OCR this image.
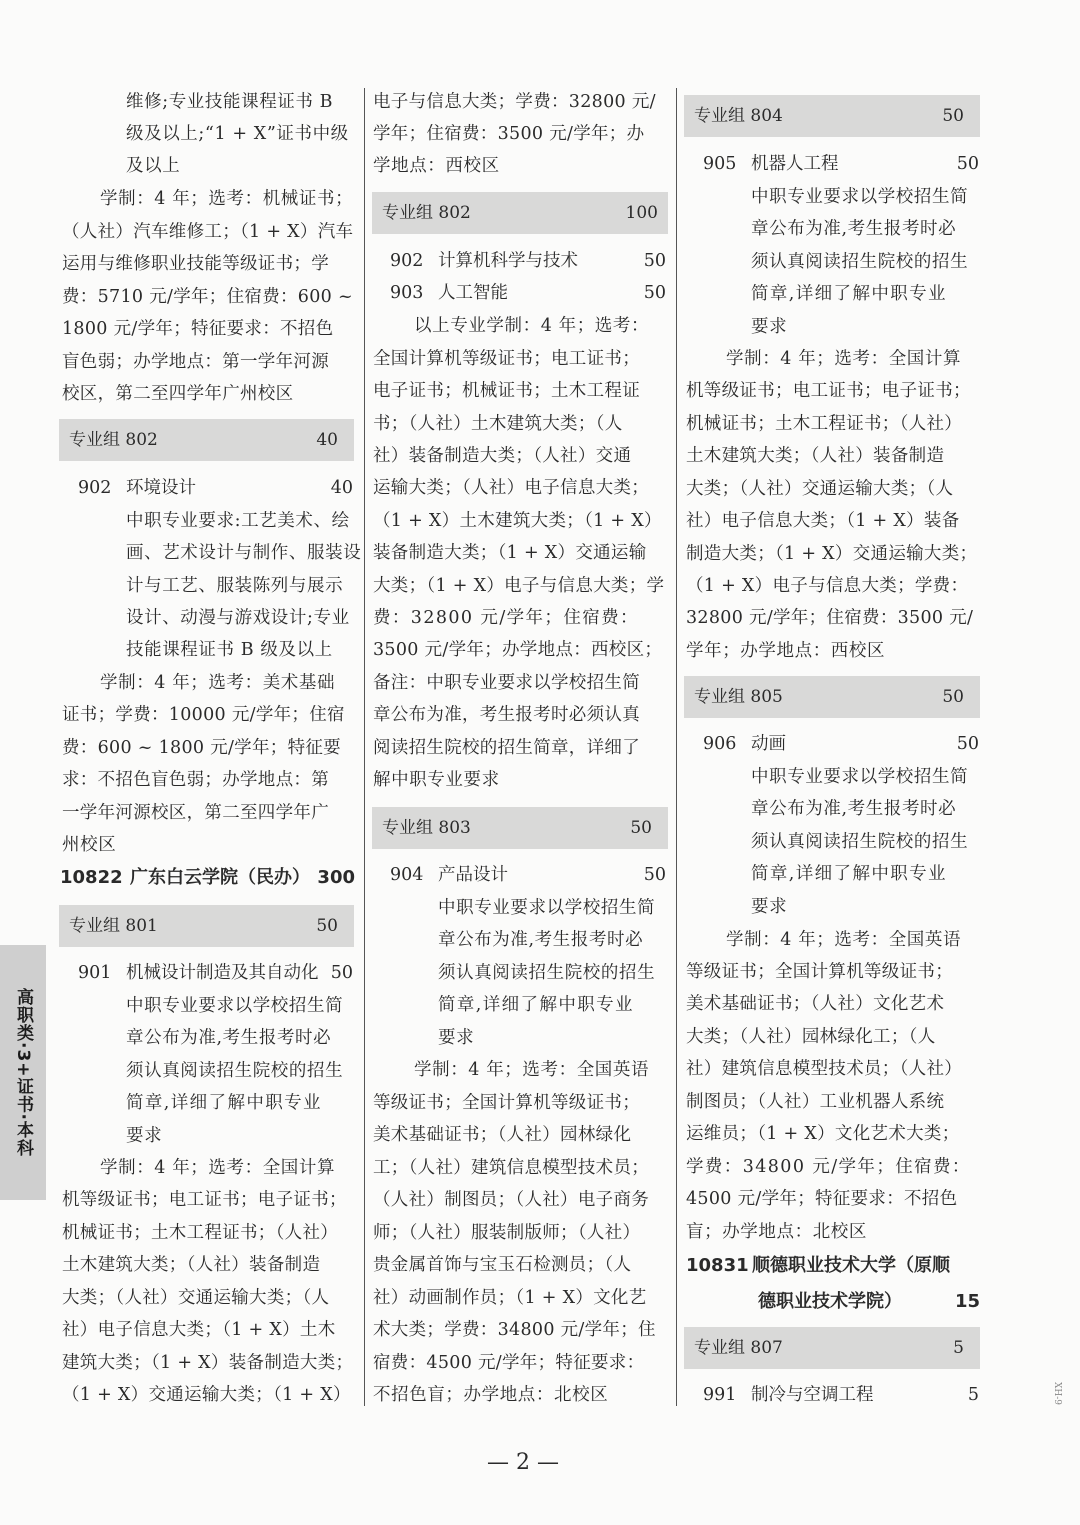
维修;专业技能课程证书 B
级及以上;“1 + X”证书中级
及以上
学制：4 年；选考：机械证书；
（人社）汽车维修工；（1 + X）汽车
运用与维修职业技能等级证书；学
费：5710 元/学年；住宿费：600 ~
1800 元/学年；特征要求：不招色
盲色弱；办学地点：第一学年河源
校区，第二至四学年广州校区
专业组 802	40
902 环境设计	40
中职专业要求:工艺美术、绘
画、艺术设计与制作、服装设
计与工艺、服装陈列与展示
设计、动漫与游戏设计;专业
技能课程证书 B 级及以上
学制：4 年；选考：美术基础
证书；学费：10000 元/学年；住宿
费：600 ~ 1800 元/学年；特征要
求：不招色盲色弱；办学地点：第
一学年河源校区，第二至四学年广
州校区
10822 广东白云学院（民办） 300
专业组 801	50
901 机械设计制造及其自动化 50
中职专业要求以学校招生简
章公布为准,考生报考时必
须认真阅读招生院校的招生
简章,详细了解中职专业
要求
学制：4 年；选考：全国计算
机等级证书；电工证书；电子证书；
机械证书；土木工程证书；（人社）
土木建筑大类；（人社）装备制造
大类；（人社）交通运输大类；（人
社）电子信息大类；（1 + X）土木
建筑大类；（1 + X）装备制造大类；
（1 + X）交通运输大类；（1 + X）
电子与信息大类；学费：32800 元/
学年；住宿费：3500 元/学年；办
学地点：西校区
专业组 802	100
902 计算机科学与技术	50
903 人工智能	50
以上专业学制：4 年；选考：
全国计算机等级证书；电工证书；
电子证书；机械证书；土木工程证
书；（人社）土木建筑大类；（人
社）装备制造大类；（人社）交通
运输大类；（人社）电子信息大类；
（1 + X）土木建筑大类；（1 + X）
装备制造大类；（1 + X）交通运输
大类；（1 + X）电子与信息大类；学
费：32800 元/学年；住宿费：
3500 元/学年；办学地点：西校区；
备注：中职专业要求以学校招生简
章公布为准，考生报考时必须认真
阅读招生院校的招生简章，详细了
解中职专业要求
专业组 803	50
904 产品设计	50
中职专业要求以学校招生简
章公布为准,考生报考时必
须认真阅读招生院校的招生
简章,详细了解中职专业
要求
学制：4 年；选考：全国英语
等级证书；全国计算机等级证书；
美术基础证书；（人社）园林绿化
工；（人社）建筑信息模型技术员；
（人社）制图员；（人社）电子商务
师；（人社）服装制版师；（人社）
贵金属首饰与宝玉石检测员；（人
社）动画制作员；（1 + X）文化艺
术大类；学费：34800 元/学年；住
宿费：4500 元/学年；特征要求：
不招色盲；办学地点：北校区
专业组 804	50
905 机器人工程	50
中职专业要求以学校招生简
章公布为准,考生报考时必
须认真阅读招生院校的招生
简章,详细了解中职专业
要求
学制：4 年；选考：全国计算
机等级证书；电工证书；电子证书；
机械证书；土木工程证书；（人社）
土木建筑大类；（人社）装备制造
大类；（人社）交通运输大类；（人
社）电子信息大类；（1 + X）装备
制造大类；（1 + X）交通运输大类；
（1 + X）电子与信息大类；学费：
32800 元/学年；住宿费：3500 元/
学年；办学地点：西校区
专业组 805	50
906 动画	50
中职专业要求以学校招生简
章公布为准,考生报考时必
须认真阅读招生院校的招生
简章,详细了解中职专业
要求
学制：4 年；选考：全国英语
等级证书；全国计算机等级证书；
美术基础证书；（人社）文化艺术
大类；（人社）园林绿化工；（人
社）建筑信息模型技术员；（人社）
制图员；（人社）工业机器人系统
运维员；（1 + X）文化艺术大类；
学费：34800 元/学年；住宿费：
4500 元/学年；特征要求：不招色
盲；办学地点：北校区
10831 顺德职业技术大学（原顺
德职业技术学院）	15
专业组 807	5
991 制冷与空调工程	5
高职类·3+证书·本科
— 2 —
XH-9
